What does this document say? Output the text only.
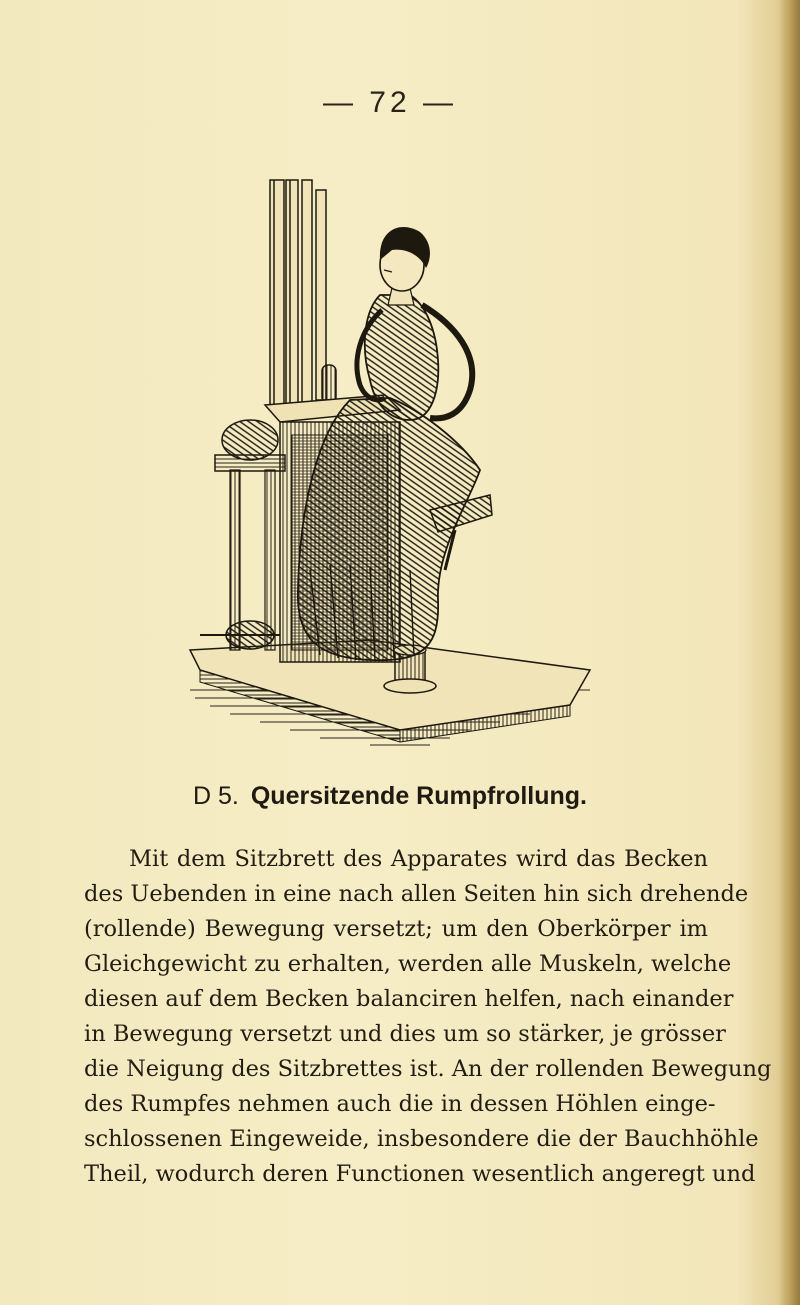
— 72 —
D 5. Quersitzende Rumpfrollung.
Mit dem Sitzbrett des Apparates wird das Becken
des Uebenden in eine nach allen Seiten hin sich drehende
(rollende) Bewegung versetzt; um den Oberkörper im
Gleichgewicht zu erhalten, werden alle Muskeln, welche
diesen auf dem Becken balanciren helfen, nach einander
in Bewegung versetzt und dies um so stärker, je grösser
die Neigung des Sitzbrettes ist. An der rollenden Bewegung
des Rumpfes nehmen auch die in dessen Höhlen einge-
schlossenen Eingeweide, insbesondere die der Bauchhöhle
Theil, wodurch deren Functionen wesentlich angeregt und
